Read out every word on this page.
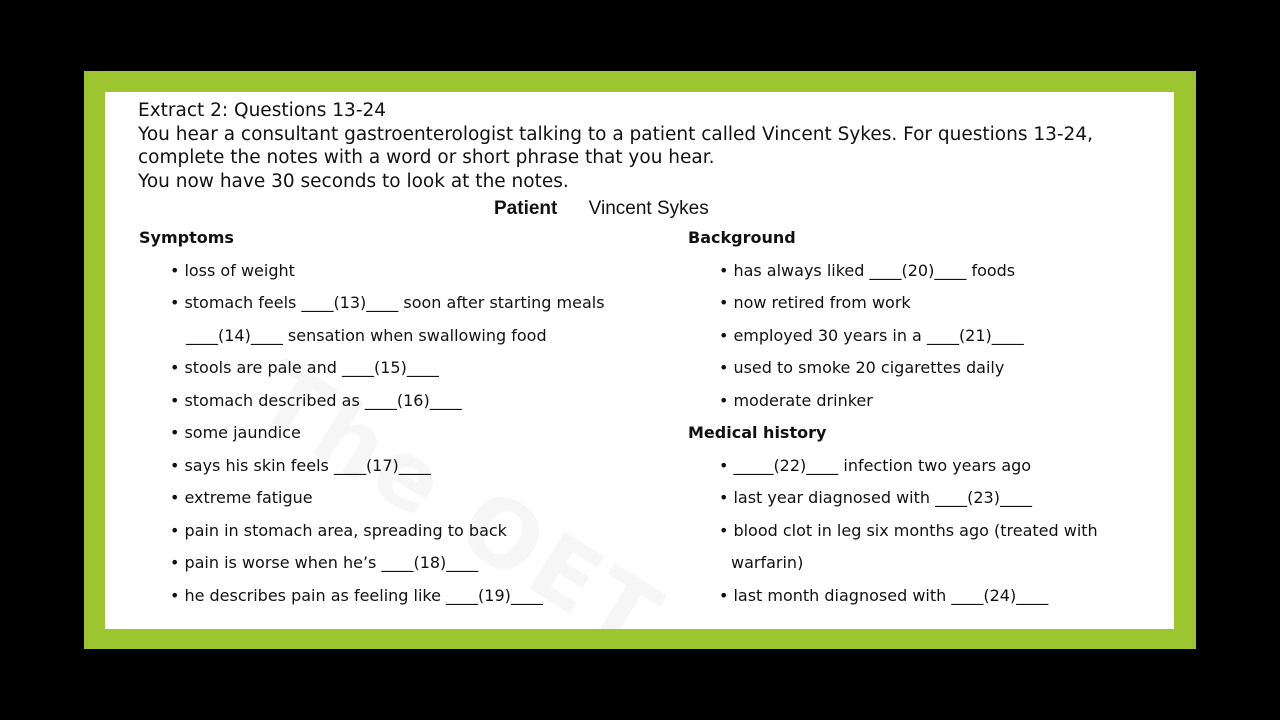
Extract 2: Questions 13-24
You hear a consultant gastroenterologist talking to a patient called Vincent Sykes. For questions 13-24,
complete the notes with a word or short phrase that you hear.
You now have 30 seconds to look at the notes.
Patient Vincent Sykes
Symptoms
• loss of weight
• stomach feels ____(13)____ soon after starting meals
____(14)____ sensation when swallowing food
• stools are pale and ____(15)____
• stomach described as ____(16)____
• some jaundice
• says his skin feels ____(17)____
• extreme fatigue
• pain in stomach area, spreading to back
• pain is worse when he’s ____(18)____
• he describes pain as feeling like ____(19)____
Background
• has always liked ____(20)____ foods
• now retired from work
• employed 30 years in a ____(21)____
• used to smoke 20 cigarettes daily
• moderate drinker
Medical history
• _____(22)____ infection two years ago
• last year diagnosed with ____(23)____
• blood clot in leg six months ago (treated with
warfarin)
• last month diagnosed with ____(24)____
